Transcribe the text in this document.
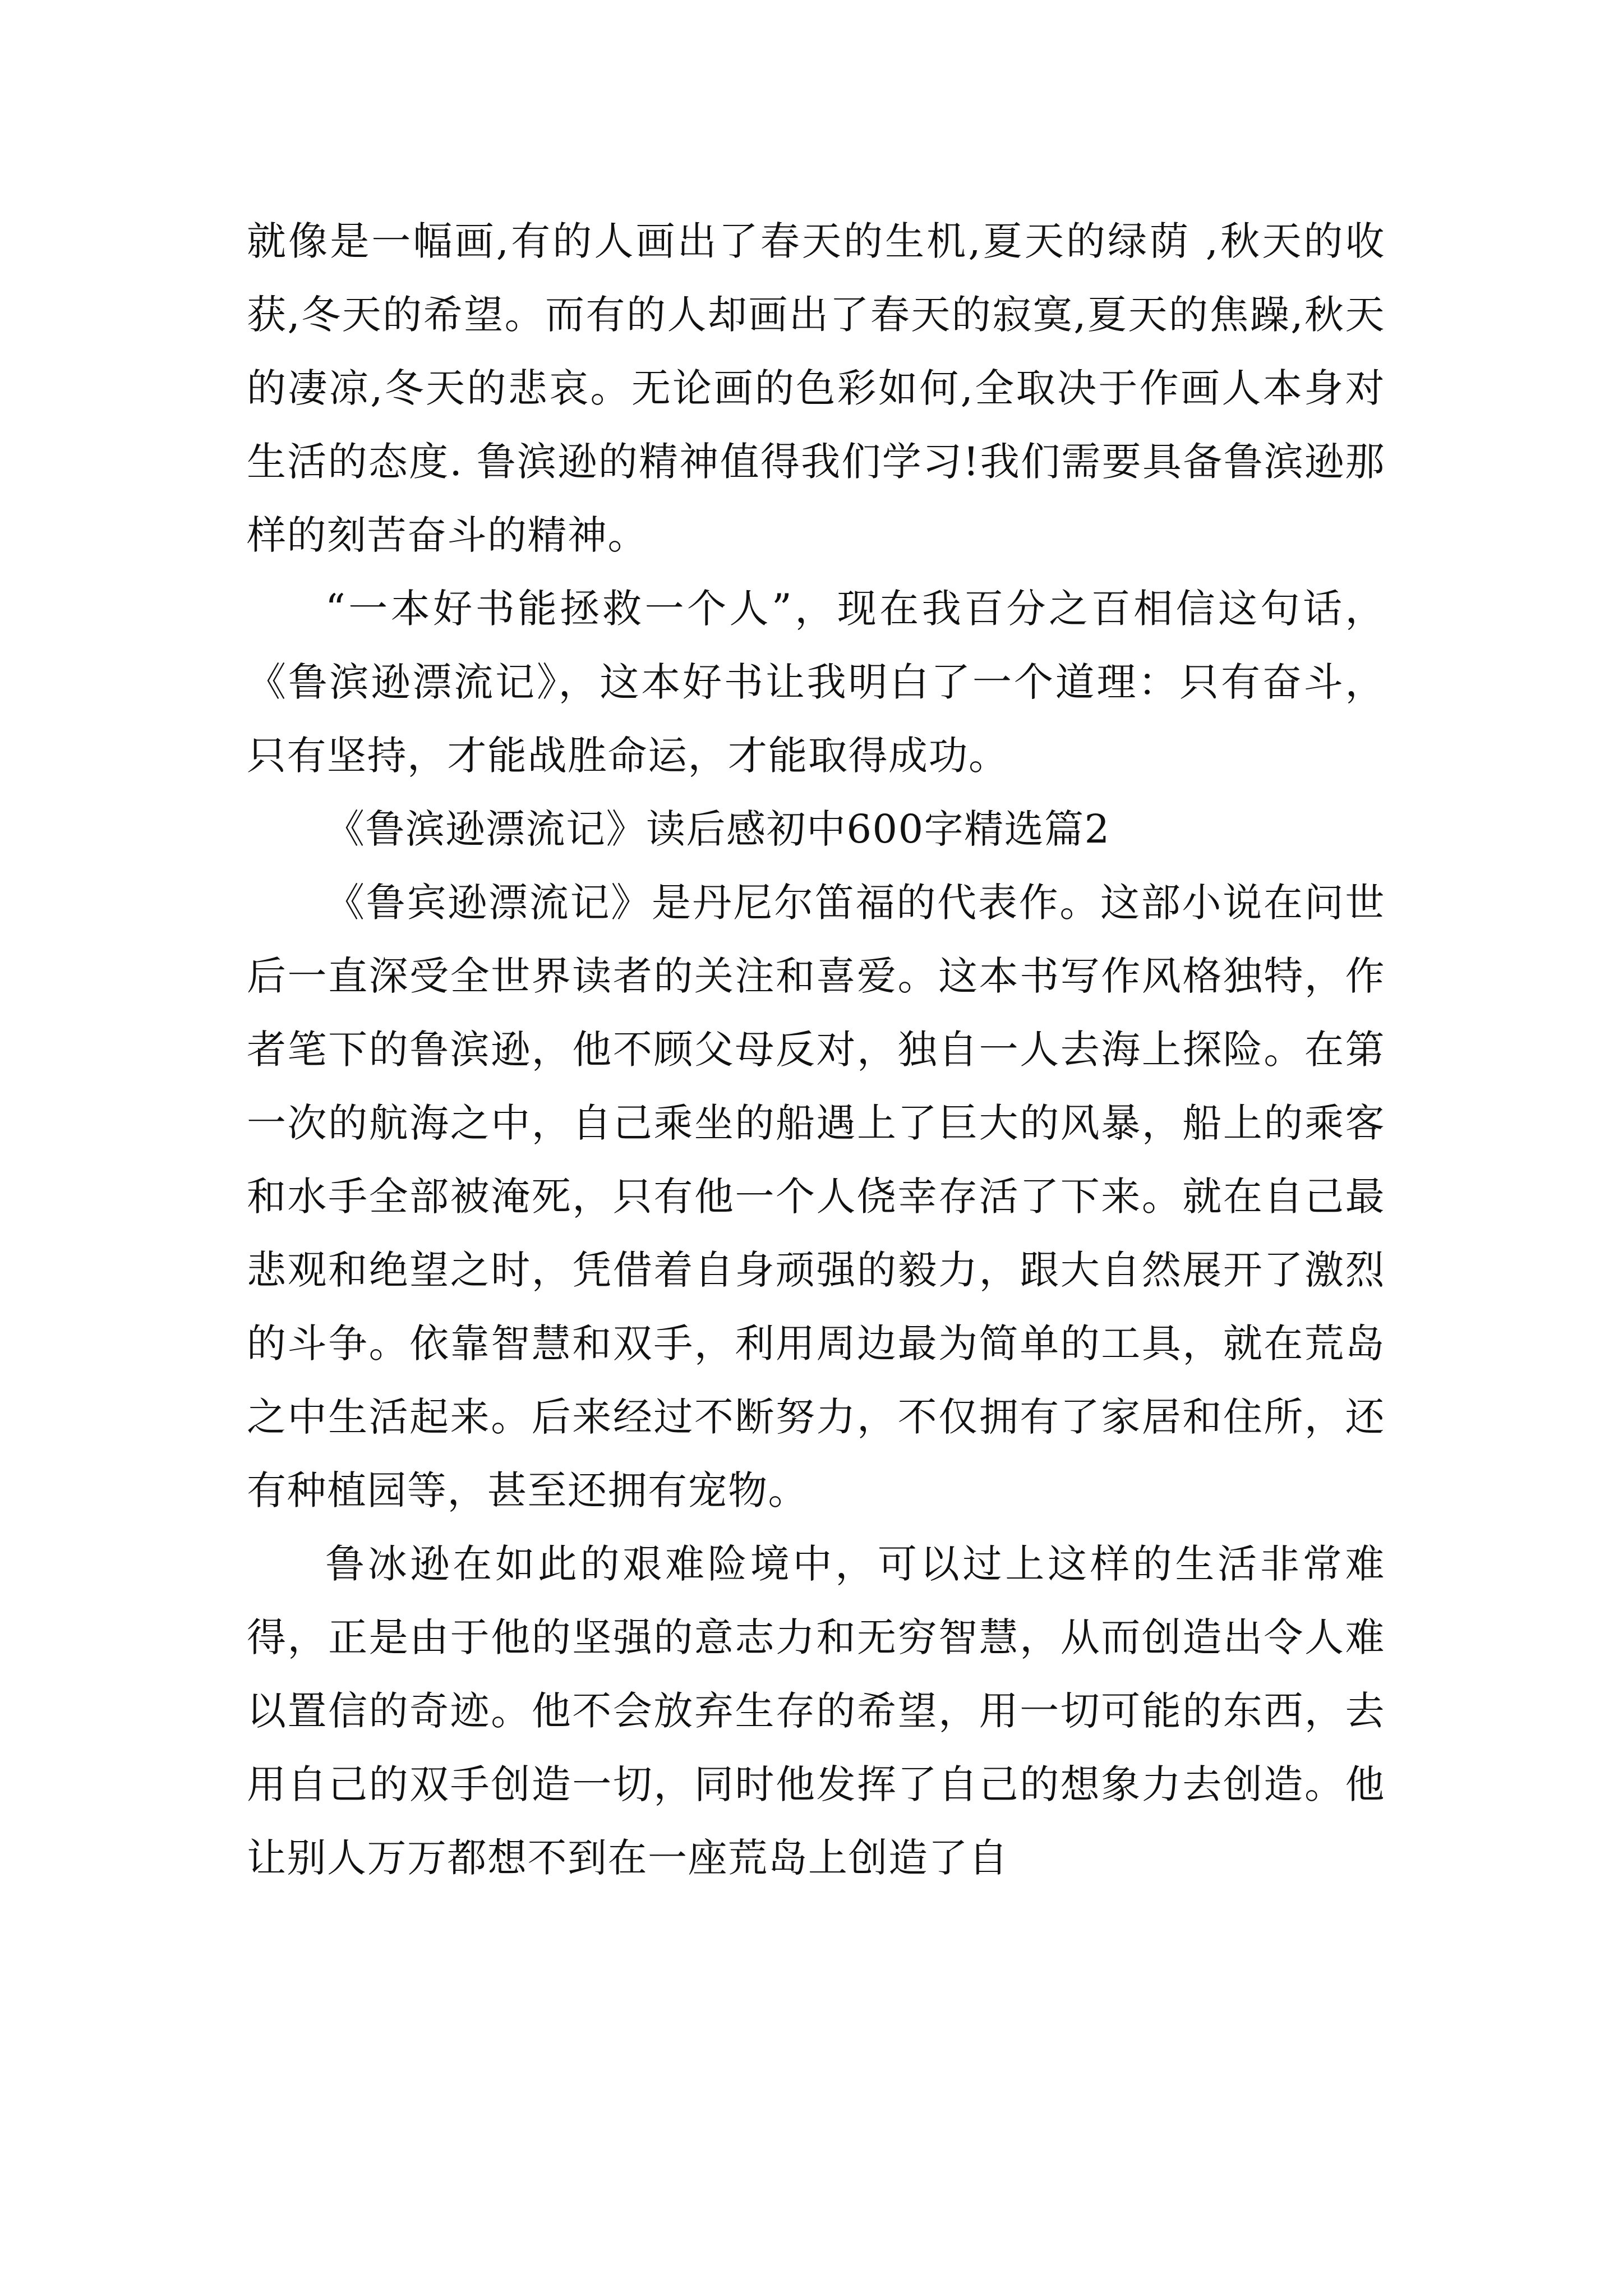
就像是一幅画,有的人画出了春天的生机,夏天的绿荫 ,秋天的收获,冬天的希望。而有的人却画出了春天的寂寞,夏天的焦躁,秋天的凄凉,冬天的悲哀。无论画的色彩如何,全取决于作画人本身对生活的态度. 鲁滨逊的精神值得我们学习!我们需要具备鲁滨逊那样的刻苦奋斗的精神。

“一本好书能拯救一个人”，现在我百分之百相信这句话，《鲁滨逊漂流记》，这本好书让我明白了一个道理：只有奋斗，只有坚持，才能战胜命运，才能取得成功。

《鲁滨逊漂流记》读后感初中600字精选篇2

《鲁宾逊漂流记》是丹尼尔笛福的代表作。这部小说在问世后一直深受全世界读者的关注和喜爱。这本书写作风格独特，作者笔下的鲁滨逊，他不顾父母反对，独自一人去海上探险。在第一次的航海之中，自己乘坐的船遇上了巨大的风暴，船上的乘客和水手全部被淹死，只有他一个人侥幸存活了下来。就在自己最悲观和绝望之时，凭借着自身顽强的毅力，跟大自然展开了激烈的斗争。依靠智慧和双手，利用周边最为简单的工具，就在荒岛之中生活起来。后来经过不断努力，不仅拥有了家居和住所，还有种植园等，甚至还拥有宠物。

鲁冰逊在如此的艰难险境中，可以过上这样的生活非常难得，正是由于他的坚强的意志力和无穷智慧，从而创造出令人难以置信的奇迹。他不会放弃生存的希望，用一切可能的东西，去用自己的双手创造一切，同时他发挥了自己的想象力去创造。他让别人万万都想不到在一座荒岛上创造了自
